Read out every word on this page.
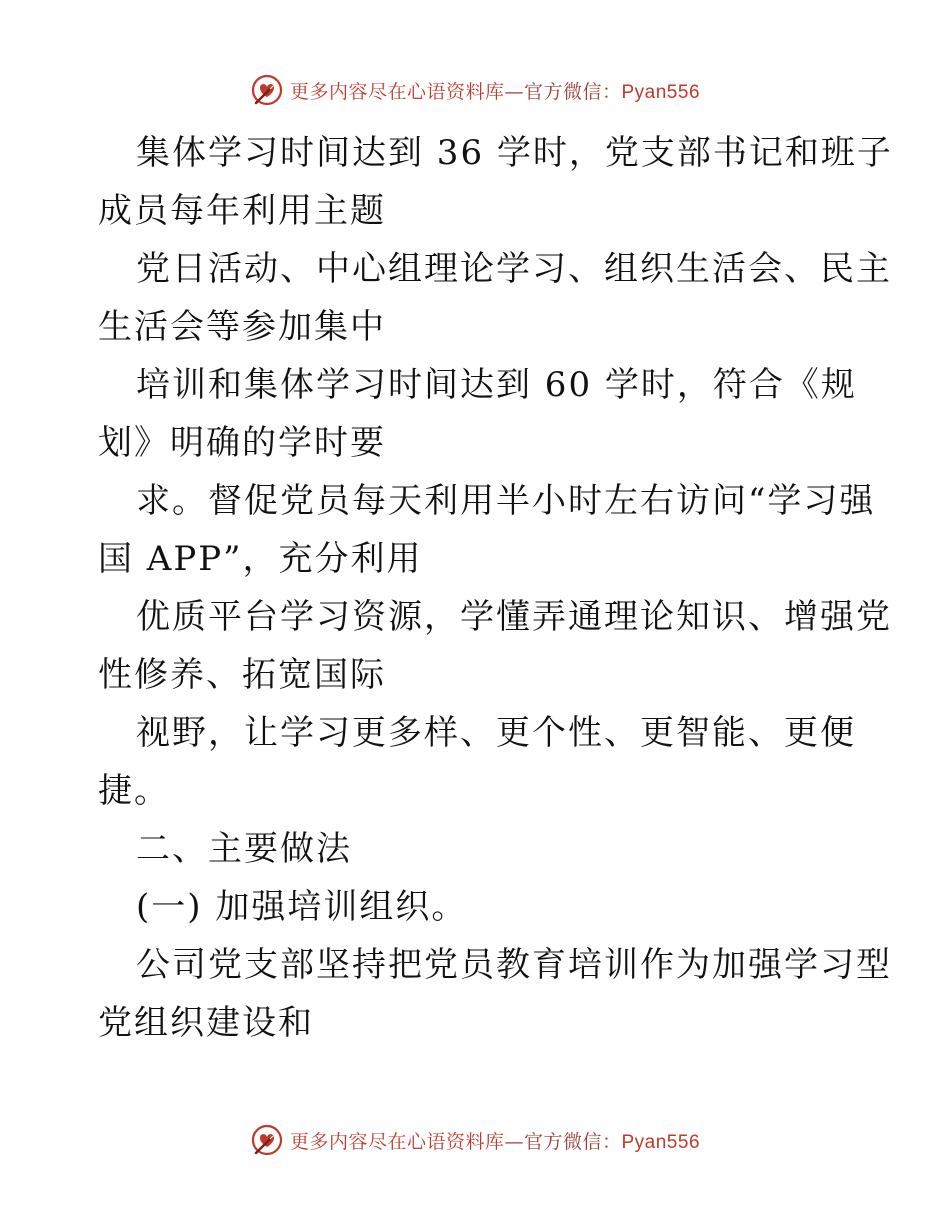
更多内容尽在心语资料库—官方微信：Pyan556

集体学习时间达到 36 学时，党支部书记和班子

成员每年利用主题

党日活动、中心组理论学习、组织生活会、民主

生活会等参加集中

培训和集体学习时间达到 60 学时，符合《规

划》明确的学时要

求。督促党员每天利用半小时左右访问“学习强

国 APP”，充分利用

优质平台学习资源，学懂弄通理论知识、增强党

性修养、拓宽国际

视野，让学习更多样、更个性、更智能、更便

捷。

二、主要做法

(一) 加强培训组织。

公司党支部坚持把党员教育培训作为加强学习型

党组织建设和

更多内容尽在心语资料库—官方微信：Pyan556
